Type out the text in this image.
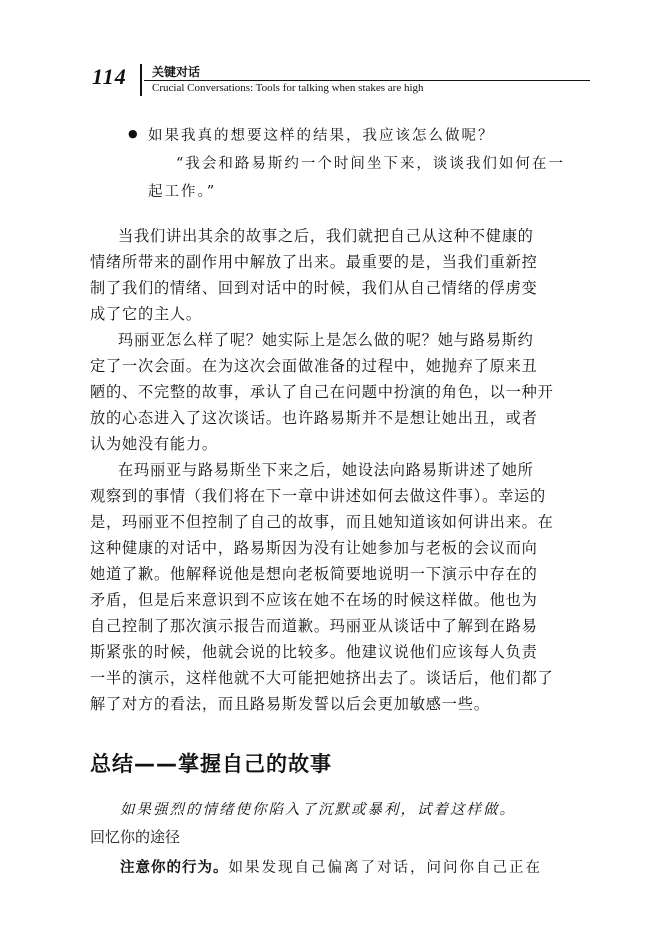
114 关键对话
Crucial Conversations: Tools for talking when stakes are high
● 如果我真的想要这样的结果，我应该怎么做呢？
“我会和路易斯约一个时间坐下来，谈谈我们如何在一
起工作。”
当我们讲出其余的故事之后，我们就把自己从这种不健康的
情绪所带来的副作用中解放了出来。最重要的是，当我们重新控
制了我们的情绪、回到对话中的时候，我们从自己情绪的俘虏变
成了它的主人。
玛丽亚怎么样了呢？她实际上是怎么做的呢？她与路易斯约
定了一次会面。在为这次会面做准备的过程中，她抛弃了原来丑
陋的、不完整的故事，承认了自己在问题中扮演的角色，以一种开
放的心态进入了这次谈话。也许路易斯并不是想让她出丑，或者
认为她没有能力。
在玛丽亚与路易斯坐下来之后，她设法向路易斯讲述了她所
观察到的事情（我们将在下一章中讲述如何去做这件事）。幸运的
是，玛丽亚不但控制了自己的故事，而且她知道该如何讲出来。在
这种健康的对话中，路易斯因为没有让她参加与老板的会议而向
她道了歉。他解释说他是想向老板简要地说明一下演示中存在的
矛盾，但是后来意识到不应该在她不在场的时候这样做。他也为
自己控制了那次演示报告而道歉。玛丽亚从谈话中了解到在路易
斯紧张的时候，他就会说的比较多。他建议说他们应该每人负责
一半的演示，这样他就不大可能把她挤出去了。谈话后，他们都了
解了对方的看法，而且路易斯发誓以后会更加敏感一些。
总结——掌握自己的故事
如果强烈的情绪使你陷入了沉默或暴利，试着这样做。
回忆你的途径
注意你的行为。如果发现自己偏离了对话，问问你自己正在
